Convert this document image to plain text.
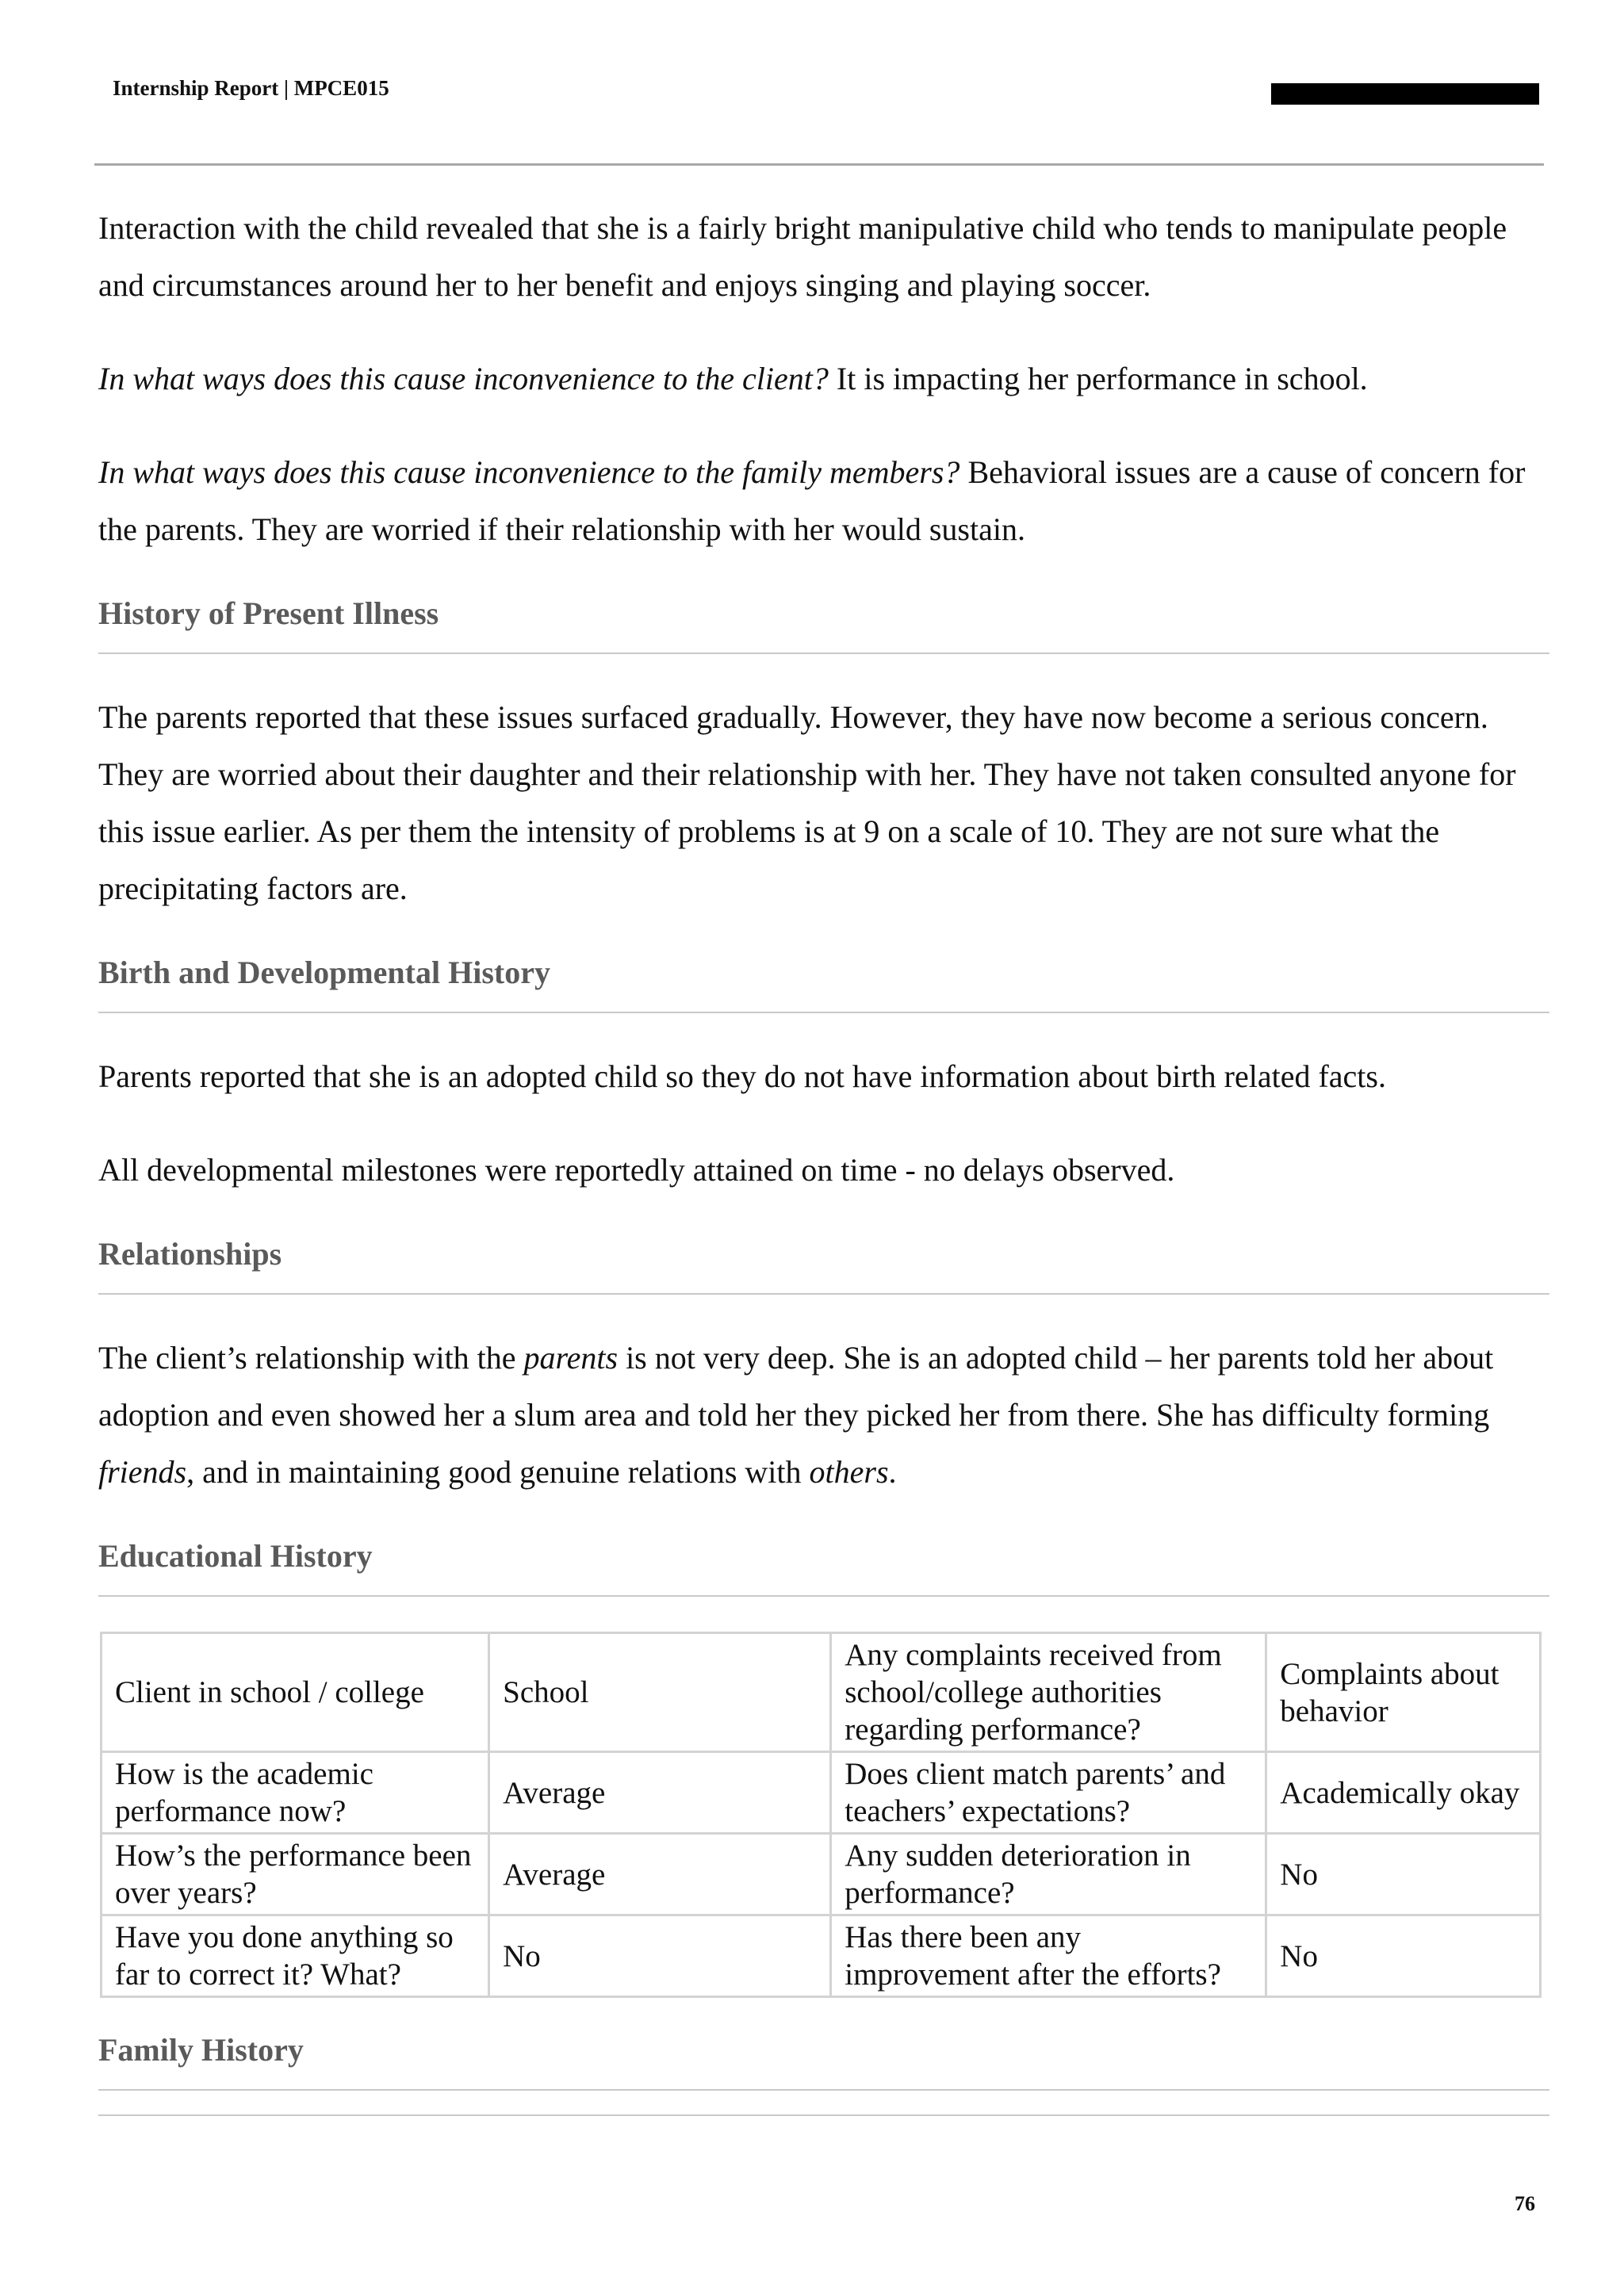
Internship Report | MPCE015

Interaction with the child revealed that she is a fairly bright manipulative child who tends to manipulate people and circumstances around her to her benefit and enjoys singing and playing soccer.

In what ways does this cause inconvenience to the client? It is impacting her performance in school.

In what ways does this cause inconvenience to the family members? Behavioral issues are a cause of concern for the parents. They are worried if their relationship with her would sustain.

History of Present Illness

The parents reported that these issues surfaced gradually. However, they have now become a serious concern. They are worried about their daughter and their relationship with her. They have not taken consulted anyone for this issue earlier. As per them the intensity of problems is at 9 on a scale of 10. They are not sure what the precipitating factors are.

Birth and Developmental History

Parents reported that she is an adopted child so they do not have information about birth related facts.

All developmental milestones were reportedly attained on time - no delays observed.

Relationships

The client’s relationship with the parents is not very deep. She is an adopted child – her parents told her about adoption and even showed her a slum area and told her they picked her from there. She has difficulty forming friends, and in maintaining good genuine relations with others.

Educational History
Client in school / college	School	Any complaints received from school/college authorities regarding performance?	Complaints about behavior
How is the academic performance now?	Average	Does client match parents’ and teachers’ expectations?	Academically okay
How’s the performance been over years?	Average	Any sudden deterioration in performance?	No
Have you done anything so far to correct it? What?	No	Has there been any improvement after the efforts?	No
Family History
76
